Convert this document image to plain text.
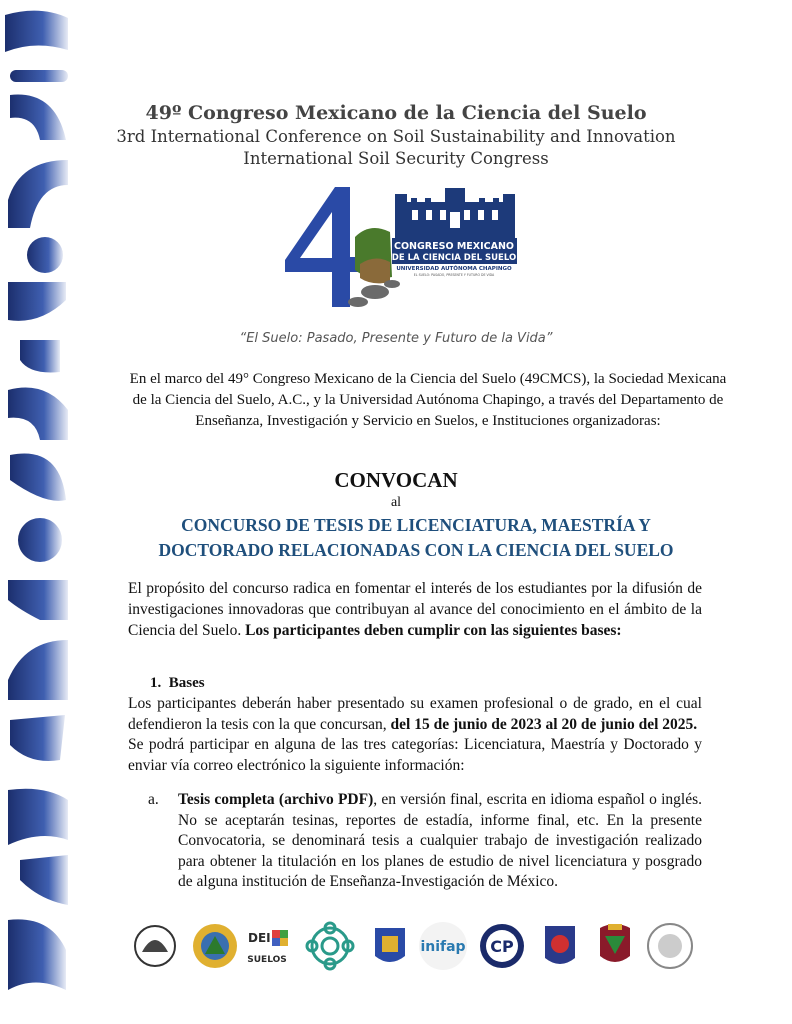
49º Congreso Mexicano de la Ciencia del Suelo
3rd International Conference on Soil Sustainability and Innovation
International Soil Security Congress
CONGRESO MEXICANO
DE LA CIENCIA DEL SUELO
UNIVERSIDAD AUTÓNOMA CHAPINGO
EL SUELO: PASADO, PRESENTE Y FUTURO DE VIDA
“El Suelo: Pasado, Presente y Futuro de la Vida”
En el marco del 49° Congreso Mexicano de la Ciencia del Suelo (49CMCS), la Sociedad Mexicana de la Ciencia del Suelo, A.C., y la Universidad Autónoma Chapingo, a través del Departamento de Enseñanza, Investigación y Servicio en Suelos, e Instituciones organizadoras:
CONVOCAN
al
CONCURSO DE TESIS DE LICENCIATURA, MAESTRÍA Y
DOCTORADO RELACIONADAS CON LA CIENCIA DEL SUELO
El propósito del concurso radica en fomentar el interés de los estudiantes por la difusión de investigaciones innovadoras que contribuyan al avance del conocimiento en el ámbito de la Ciencia del Suelo. Los participantes deben cumplir con las siguientes bases:
1. Bases
Los participantes deberán haber presentado su examen profesional o de grado, en el cual defendieron la tesis con la que concursan, del 15 de junio de 2023 al 20 de junio del 2025.
Se podrá participar en alguna de las tres categorías: Licenciatura, Maestría y Doctorado y enviar vía correo electrónico la siguiente información:
a. Tesis completa (archivo PDF), en versión final, escrita en idioma español o inglés. No se aceptarán tesinas, reportes de estadía, informe final, etc. En la presente Convocatoria, se denominará tesis a cualquier trabajo de investigación realizado para obtener la titulación en los planes de estudio de nivel licenciatura y posgrado de alguna institución de Enseñanza-Investigación de México.
DEI
SUELOS
inifap CP
